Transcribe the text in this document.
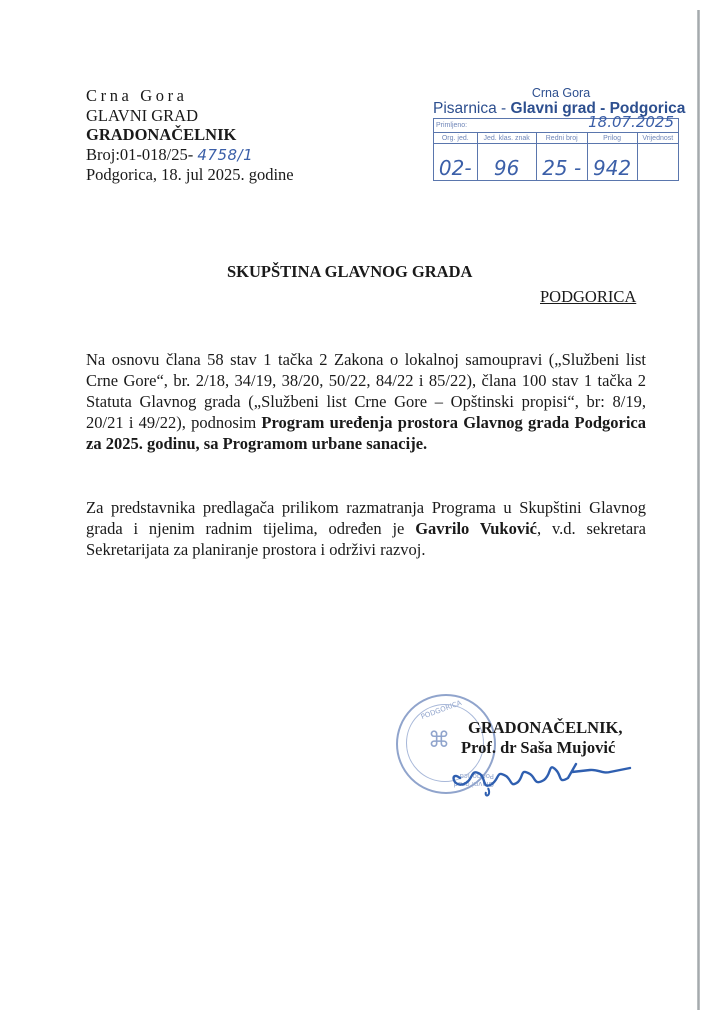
Crna Gora
GLAVNI GRAD
GRADONAČELNIK
Broj:01-018/25- 4758/1
Podgorica, 18. jul 2025. godine
Crna Gora
Pisarnica - Glavni grad - Podgorica
Primljeno: 18.07.2025				

Org. jed.	Jed. klas. znak	Redni broj	Prilog	Vrijednost
02-	96	25 -	942	
SKUPŠTINA GLAVNOG GRADA
PODGORICA
Na osnovu člana 58 stav 1 tačka 2 Zakona o lokalnoj samoupravi („Službeni list Crne Gore“, br. 2/18, 34/19, 38/20, 50/22, 84/22 i 85/22), člana 100 stav 1 tačka 2 Statuta Glavnog grada („Službeni list Crne Gore – Opštinski propisi“, br: 8/19, 20/21 i 49/22), podnosim Program uređenja prostora Glavnog grada Podgorica za 2025. godinu, sa Programom urbane sanacije.
Za predstavnika predlagača prilikom razmatranja Programa u Skupštini Glavnog grada i njenim radnim tijelima, određen je Gavrilo Vuković, v.d. sekretara Sekretarijata za planiranje prostora i održivi razvoj.
PODGORICA
⌘
Glavni grad Podgorica
GRADONAČELNIK,
Prof. dr Saša Mujović
